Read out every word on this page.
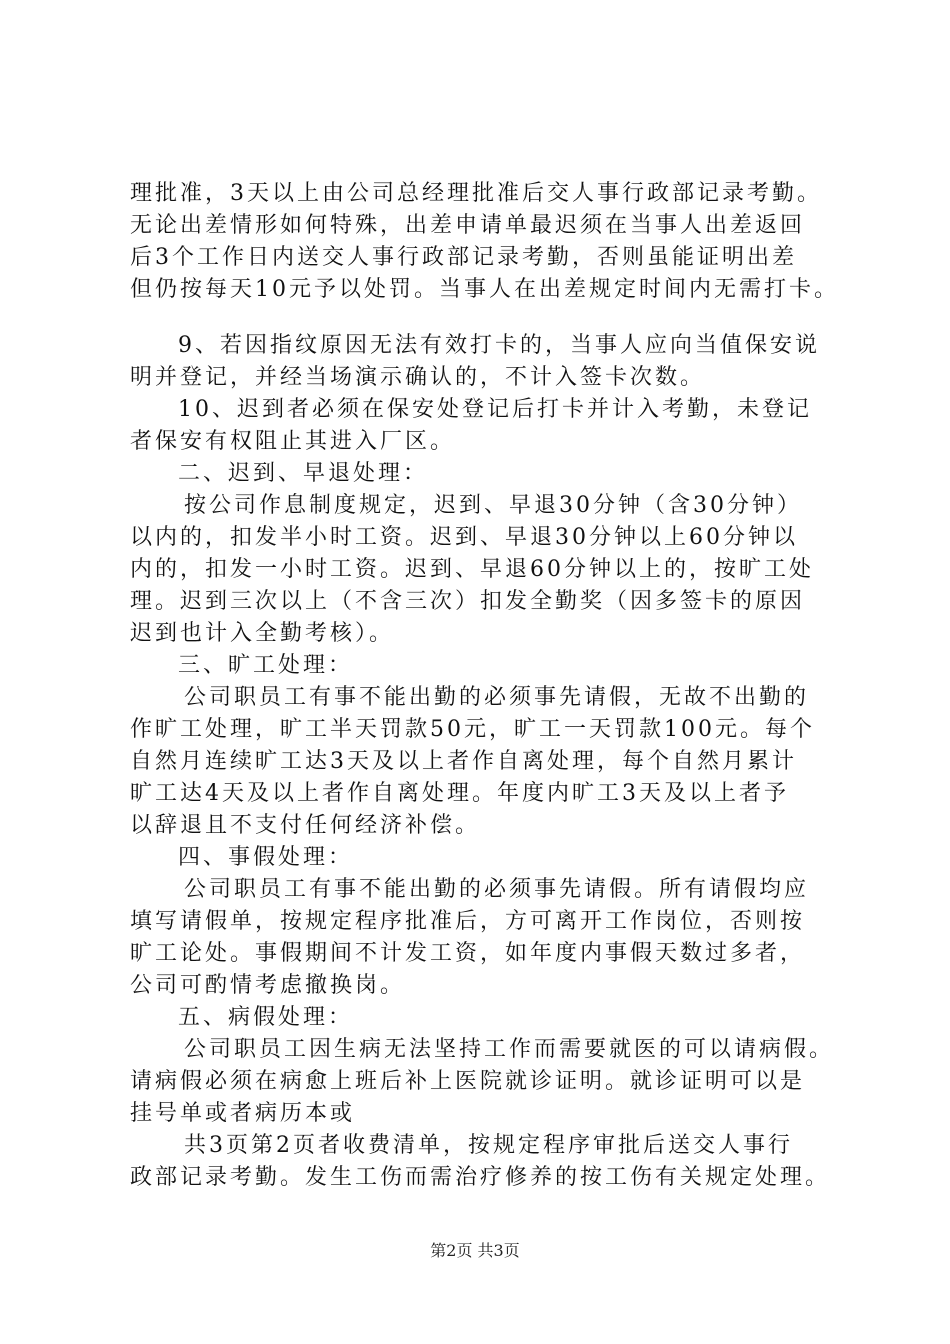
理批准，3天以上由公司总经理批准后交人事行政部记录考勤。
无论出差情形如何特殊，出差申请单最迟须在当事人出差返回
后3个工作日内送交人事行政部记录考勤，否则虽能证明出差
但仍按每天10元予以处罚。当事人在出差规定时间内无需打卡。
9、若因指纹原因无法有效打卡的，当事人应向当值保安说
明并登记，并经当场演示确认的，不计入签卡次数。
10、迟到者必须在保安处登记后打卡并计入考勤，未登记
者保安有权阻止其进入厂区。
二、迟到、早退处理：
按公司作息制度规定，迟到、早退30分钟（含30分钟）
以内的，扣发半小时工资。迟到、早退30分钟以上60分钟以
内的，扣发一小时工资。迟到、早退60分钟以上的，按旷工处
理。迟到三次以上（不含三次）扣发全勤奖（因多签卡的原因
迟到也计入全勤考核）。
三、旷工处理：
公司职员工有事不能出勤的必须事先请假，无故不出勤的
作旷工处理，旷工半天罚款50元，旷工一天罚款100元。每个
自然月连续旷工达3天及以上者作自离处理，每个自然月累计
旷工达4天及以上者作自离处理。年度内旷工3天及以上者予
以辞退且不支付任何经济补偿。
四、事假处理：
公司职员工有事不能出勤的必须事先请假。所有请假均应
填写请假单，按规定程序批准后，方可离开工作岗位，否则按
旷工论处。事假期间不计发工资，如年度内事假天数过多者，
公司可酌情考虑撤换岗。
五、病假处理：
公司职员工因生病无法坚持工作而需要就医的可以请病假。
请病假必须在病愈上班后补上医院就诊证明。就诊证明可以是
挂号单或者病历本或
共3页第2页者收费清单，按规定程序审批后送交人事行
政部记录考勤。发生工伤而需治疗修养的按工伤有关规定处理。
第2页 共3页
